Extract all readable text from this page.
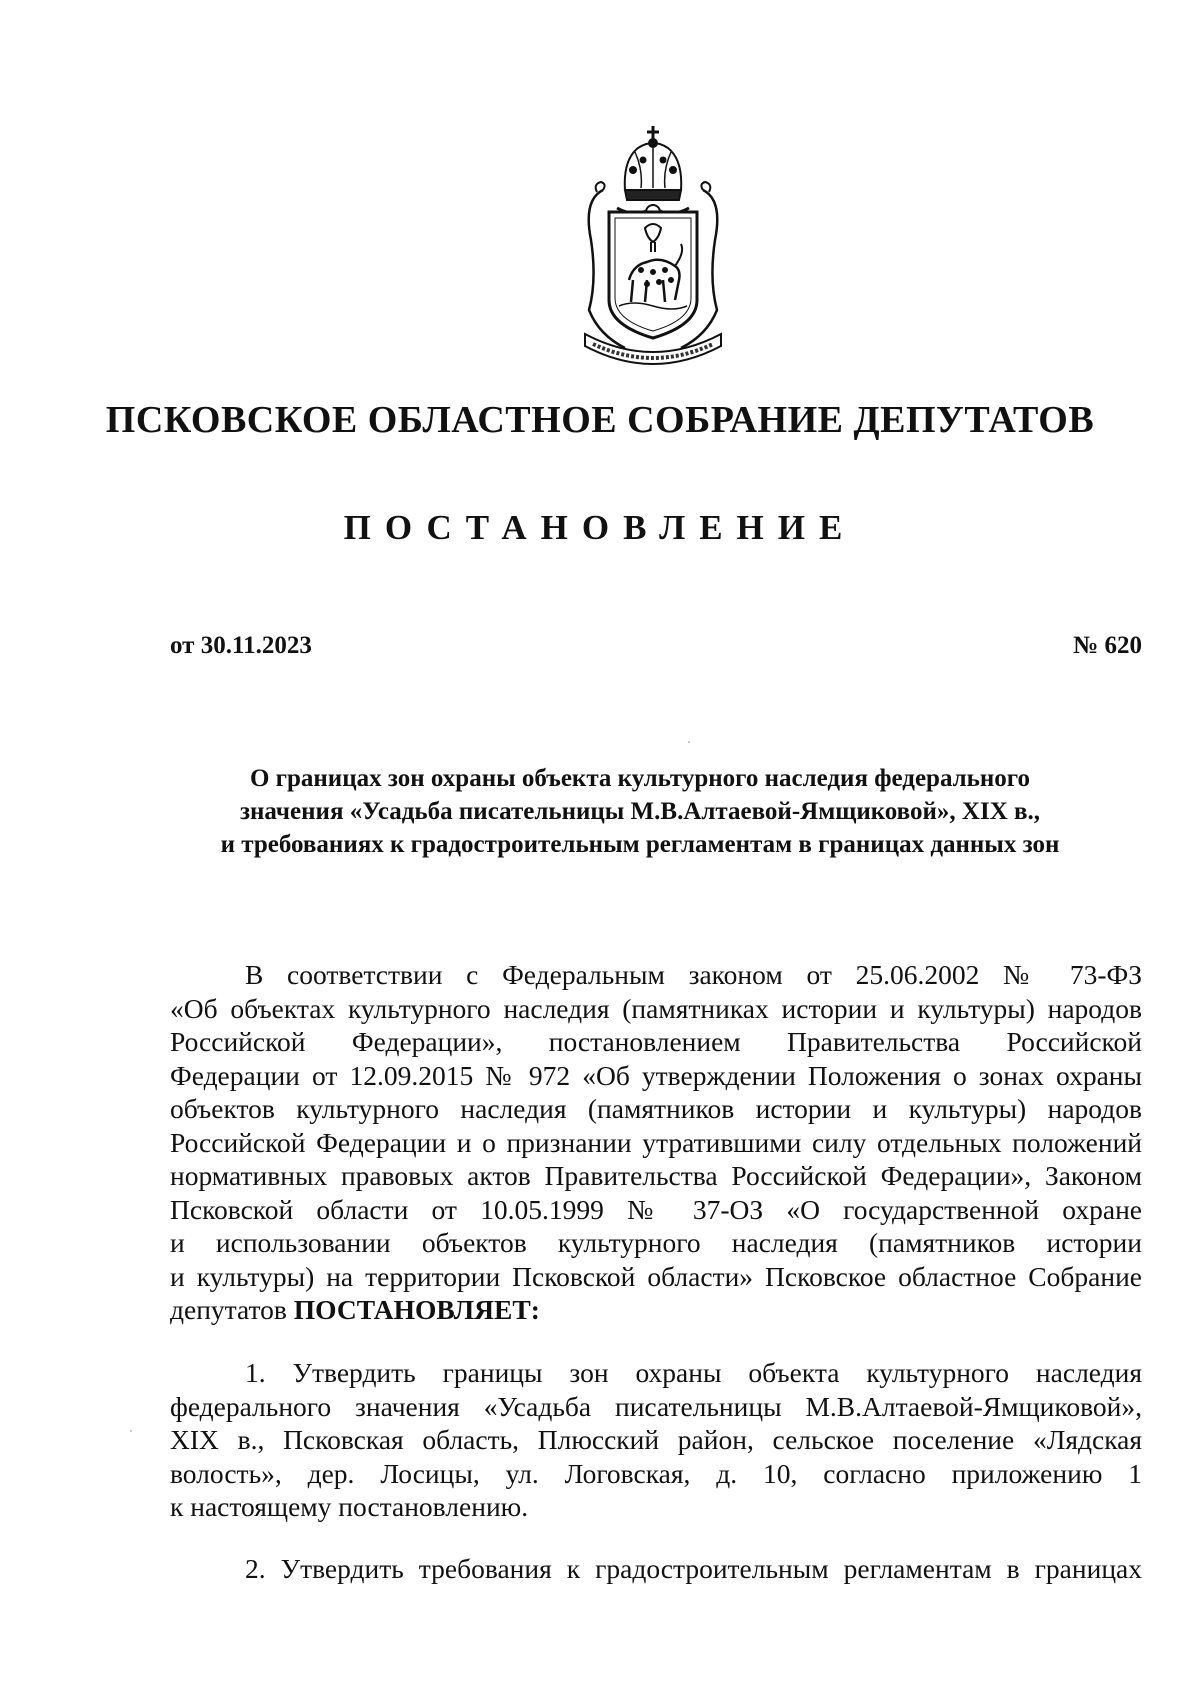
ПСКОВСКОЕ ОБЛАСТНОЕ СОБРАНИЕ ДЕПУТАТОВ
ПОСТАНОВЛЕНИЕ
от 30.11.2023	№ 620
О границах зон охраны объекта культурного наследия федерального
значения «Усадьба писательницы М.В.Алтаевой-Ямщиковой», XIX в.,
и требованиях к градостроительным регламентам в границах данных зон
В соответствии с Федеральным законом от 25.06.2002 № 73-ФЗ
«Об объектах культурного наследия (памятниках истории и культуры) народов
Российской Федерации», постановлением Правительства Российской
Федерации от 12.09.2015 № 972 «Об утверждении Положения о зонах охраны
объектов культурного наследия (памятников истории и культуры) народов
Российской Федерации и о признании утратившими силу отдельных положений
нормативных правовых актов Правительства Российской Федерации», Законом
Псковской области от 10.05.1999 № 37-ОЗ «О государственной охране
и использовании объектов культурного наследия (памятников истории
и культуры) на территории Псковской области» Псковское областное Собрание
депутатов ПОСТАНОВЛЯЕТ:
1. Утвердить границы зон охраны объекта культурного наследия
федерального значения «Усадьба писательницы М.В.Алтаевой-Ямщиковой»,
XIX в., Псковская область, Плюсский район, сельское поселение «Лядская
волость», дер. Лосицы, ул. Логовская, д. 10, согласно приложению 1
к настоящему постановлению.
2. Утвердить требования к градостроительным регламентам в границах
